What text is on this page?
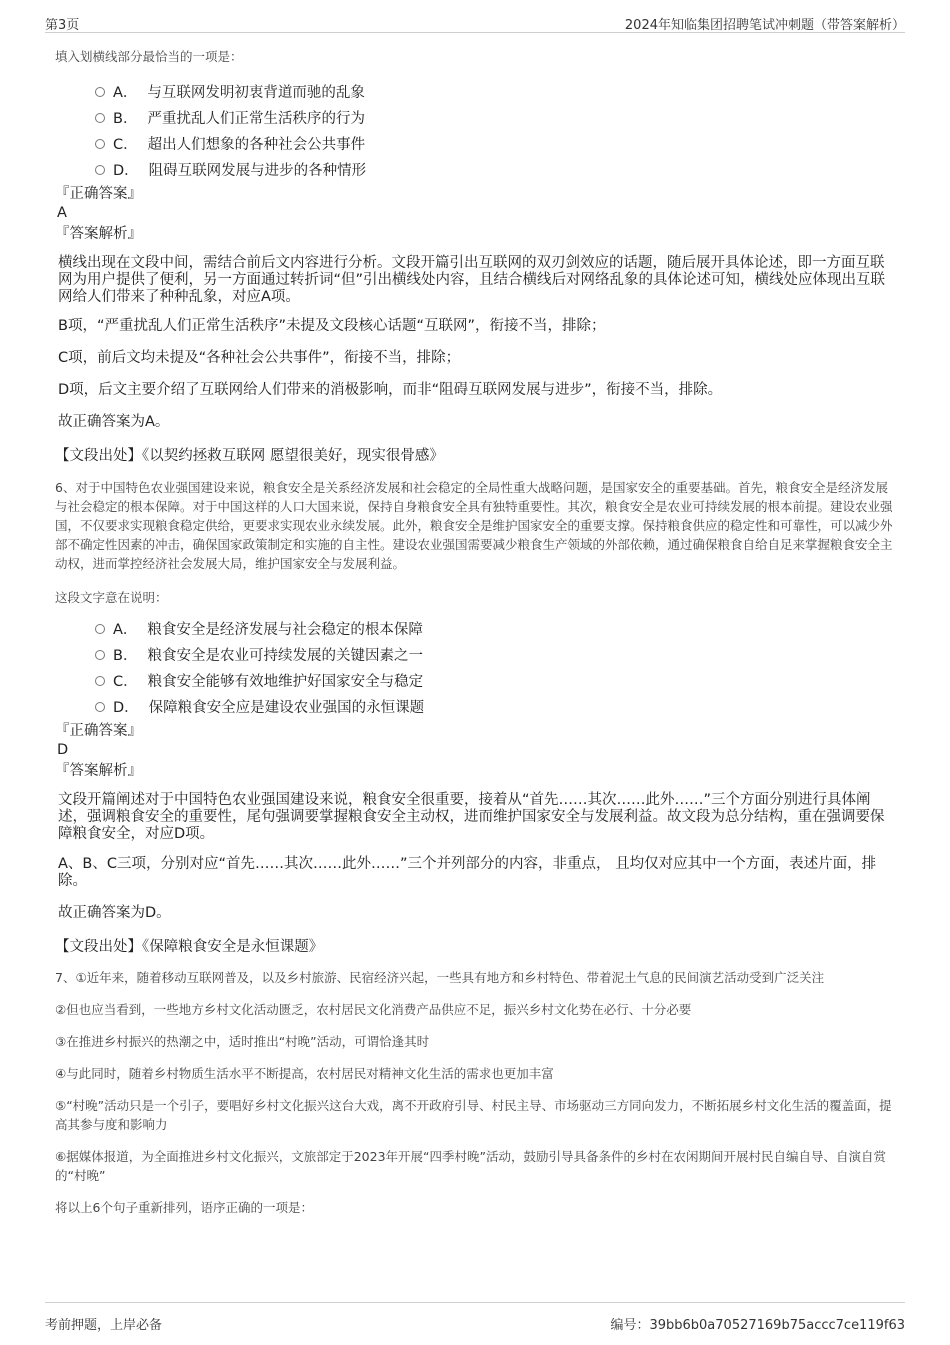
第3页	2024年知临集团招聘笔试冲刺题（带答案解析）
填入划横线部分最恰当的一项是：
A． 与互联网发明初衷背道而驰的乱象
B． 严重扰乱人们正常生活秩序的行为
C． 超出人们想象的各种社会公共事件
D． 阻碍互联网发展与进步的各种情形
『正确答案』
A
『答案解析』

横线出现在文段中间，需结合前后文内容进行分析。文段开篇引出互联网的双刃剑效应的话题，随后展开具体论述，即一方面互联网为用户提供了便利，另一方面通过转折词“但”引出横线处内容，且结合横线后对网络乱象的具体论述可知，横线处应体现出互联网给人们带来了种种乱象，对应A项。

B项，“严重扰乱人们正常生活秩序”未提及文段核心话题“互联网”，衔接不当，排除；

C项，前后文均未提及“各种社会公共事件”，衔接不当，排除；

D项，后文主要介绍了互联网给人们带来的消极影响，而非“阻碍互联网发展与进步”，衔接不当，排除。

故正确答案为A。

【文段出处】《以契约拯救互联网 愿望很美好，现实很骨感》

6、对于中国特色农业强国建设来说，粮食安全是关系经济发展和社会稳定的全局性重大战略问题，是国家安全的重要基础。首先，粮食安全是经济发展与社会稳定的根本保障。对于中国这样的人口大国来说，保持自身粮食安全具有独特重要性。其次，粮食安全是农业可持续发展的根本前提。建设农业强国，不仅要求实现粮食稳定供给，更要求实现农业永续发展。此外，粮食安全是维护国家安全的重要支撑。保持粮食供应的稳定性和可靠性，可以减少外部不确定性因素的冲击，确保国家政策制定和实施的自主性。建设农业强国需要减少粮食生产领域的外部依赖，通过确保粮食自给自足来掌握粮食安全主动权，进而掌控经济社会发展大局，维护国家安全与发展利益。

这段文字意在说明：
A． 粮食安全是经济发展与社会稳定的根本保障
B． 粮食安全是农业可持续发展的关键因素之一
C． 粮食安全能够有效地维护好国家安全与稳定
D． 保障粮食安全应是建设农业强国的永恒课题
『正确答案』
D
『答案解析』

文段开篇阐述对于中国特色农业强国建设来说，粮食安全很重要，接着从“首先……其次……此外……”三个方面分别进行具体阐述，强调粮食安全的重要性，尾句强调要掌握粮食安全主动权，进而维护国家安全与发展利益。故文段为总分结构，重在强调要保障粮食安全，对应D项。

A、B、C三项，分别对应“首先……其次……此外……”三个并列部分的内容，非重点， 且均仅对应其中一个方面，表述片面，排除。

故正确答案为D。

【文段出处】《保障粮食安全是永恒课题》

7、①近年来，随着移动互联网普及，以及乡村旅游、民宿经济兴起，一些具有地方和乡村特色、带着泥土气息的民间演艺活动受到广泛关注

②但也应当看到，一些地方乡村文化活动匮乏，农村居民文化消费产品供应不足，振兴乡村文化势在必行、十分必要

③在推进乡村振兴的热潮之中，适时推出“村晚”活动，可谓恰逢其时

④与此同时，随着乡村物质生活水平不断提高，农村居民对精神文化生活的需求也更加丰富

⑤“村晚”活动只是一个引子，要唱好乡村文化振兴这台大戏，离不开政府引导、村民主导、市场驱动三方同向发力，不断拓展乡村文化生活的覆盖面，提高其参与度和影响力

⑥据媒体报道，为全面推进乡村文化振兴，文旅部定于2023年开展“四季村晚”活动，鼓励引导具备条件的乡村在农闲期间开展村民自编自导、自演自赏的“村晚”

将以上6个句子重新排列，语序正确的一项是：

考前押题，上岸必备	编号：39bb6b0a70527169b75accc7ce119f63
